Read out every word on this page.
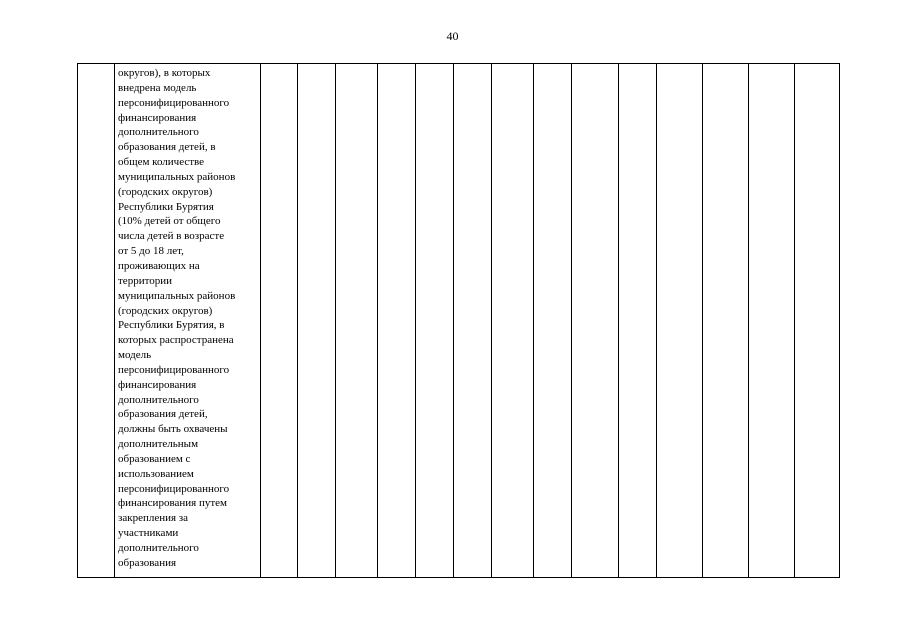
40

округов), в которых
внедрена модель
персонифицированного
финансирования
дополнительного
образования детей, в
общем количестве
муниципальных районов
(городских округов)
Республики Бурятия
(10% детей от общего
числа детей в возрасте
от 5 до 18 лет,
проживающих на
территории
муниципальных районов
(городских округов)
Республики Бурятия, в
которых распространена
модель
персонифицированного
финансирования
дополнительного
образования детей,
должны быть охвачены
дополнительным
образованием с
использованием
персонифицированного
финансирования путем
закрепления за
участниками
дополнительного
образования
